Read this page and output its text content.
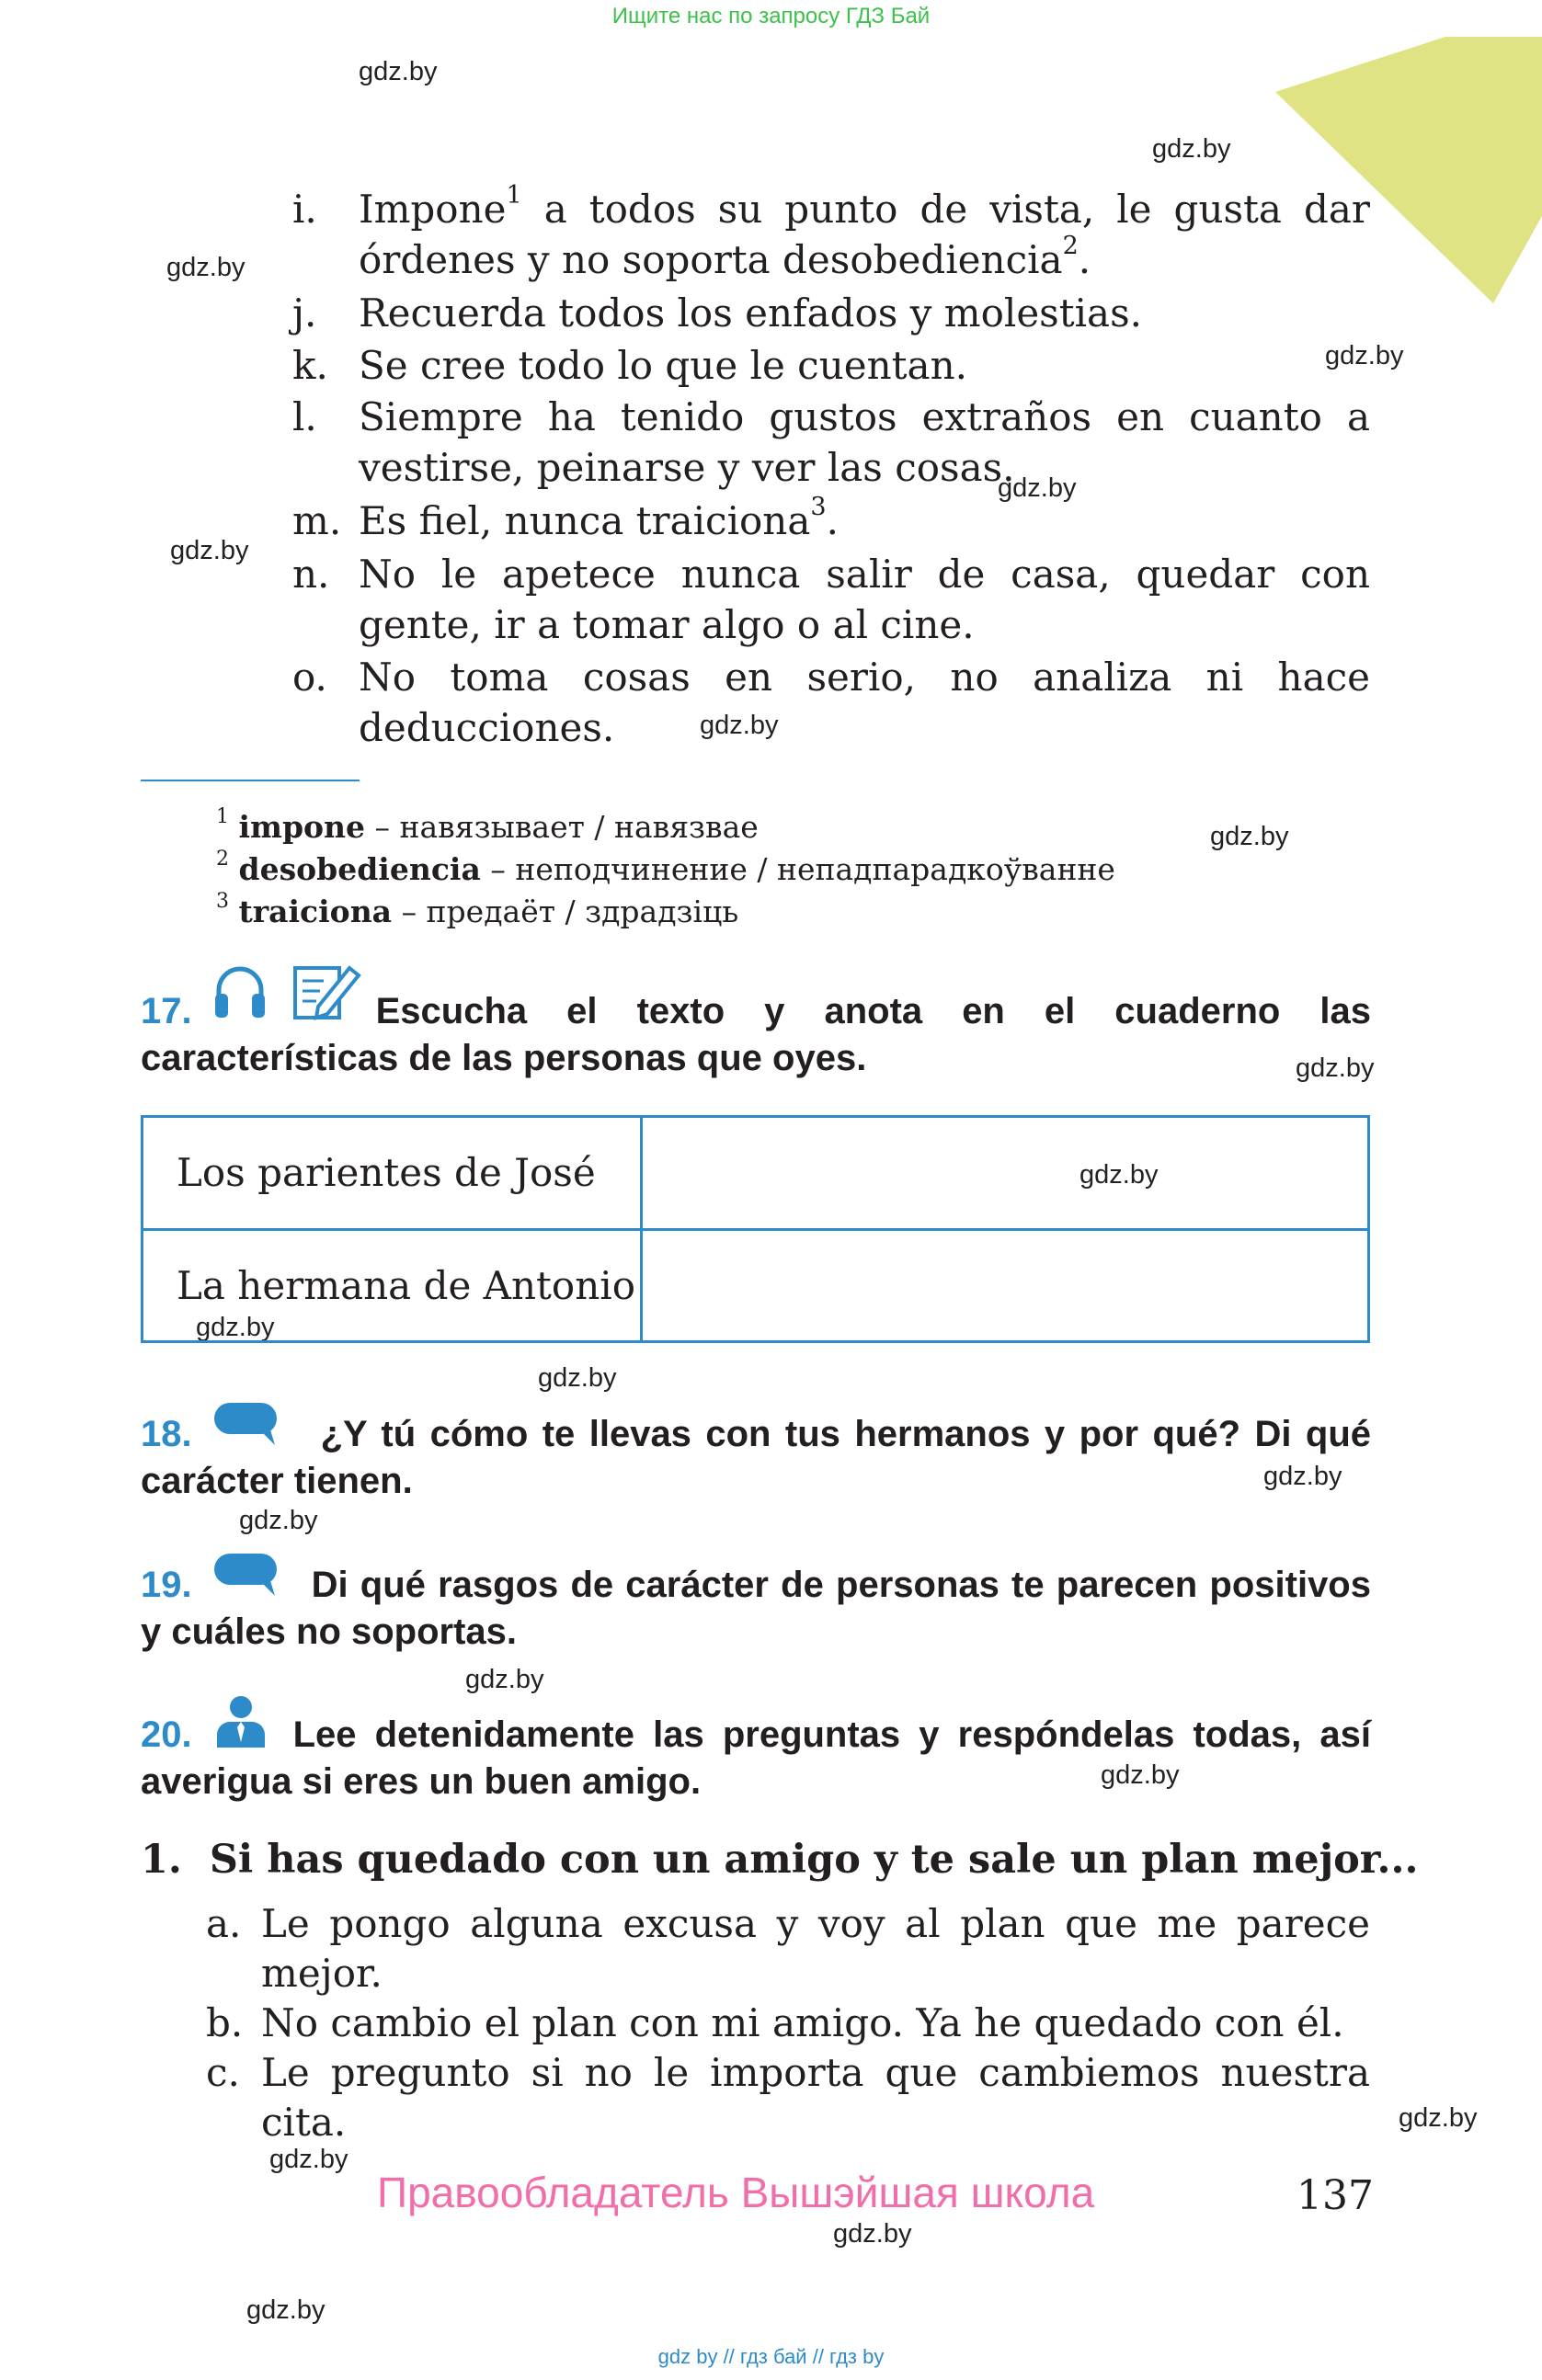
Ищите нас по запросу ГДЗ Бай
gdz.by
gdz.by
gdz.by
gdz.by
gdz.by
gdz.by
gdz.by
gdz.by
gdz.by
gdz.by
gdz.by
gdz.by
gdz.by
gdz.by
gdz.by
gdz.by
gdz.by
gdz.by
gdz.by
gdz.by
i.	Impone$^1$ a todos su punto de vista, le gusta dar órdenes y no soporta desobediencia$^2$.
j.	Recuerda todos los enfados y molestias.
k. Se cree todo lo que le cuentan.
l.	Siempre ha tenido gustos extraños en cuanto a vestirse, peinarse y ver las cosas.
m. Es fiel, nunca traiciona$^3$.
n. No le apetece nunca salir de casa, quedar con gente, ir a tomar algo o al cine.
o. No toma cosas en serio, no analiza ni hace deducciones.
$^1$ impone – навязывает / навязвае
$^2$ desobediencia – неподчинение / непадпарадкоўванне
$^3$ traiciona – предаёт / здрадзіць
17.	Escucha el texto y anota en el cuaderno las características de las personas que oyes.
Los parientes de José	
La hermana de Antonio	
18.	¿Y tú cómo te llevas con tus hermanos y por qué? Di qué carácter tienen.
19.	Di qué rasgos de carácter de personas te parecen positivos y cuáles no soportas.
20.	Lee detenidamente las preguntas y respóndelas todas, así averigua si eres un buen amigo.
1. Si has quedado con un amigo y te sale un plan mejor...
a. Le pongo alguna excusa y voy al plan que me parece mejor.
b. No cambio el plan con mi amigo. Ya he quedado con él.
c. Le pregunto si no le importa que cambiemos nuestra cita.
Правообладатель Вышэйшая школа	137
gdz by // гдз бай // гдз by
